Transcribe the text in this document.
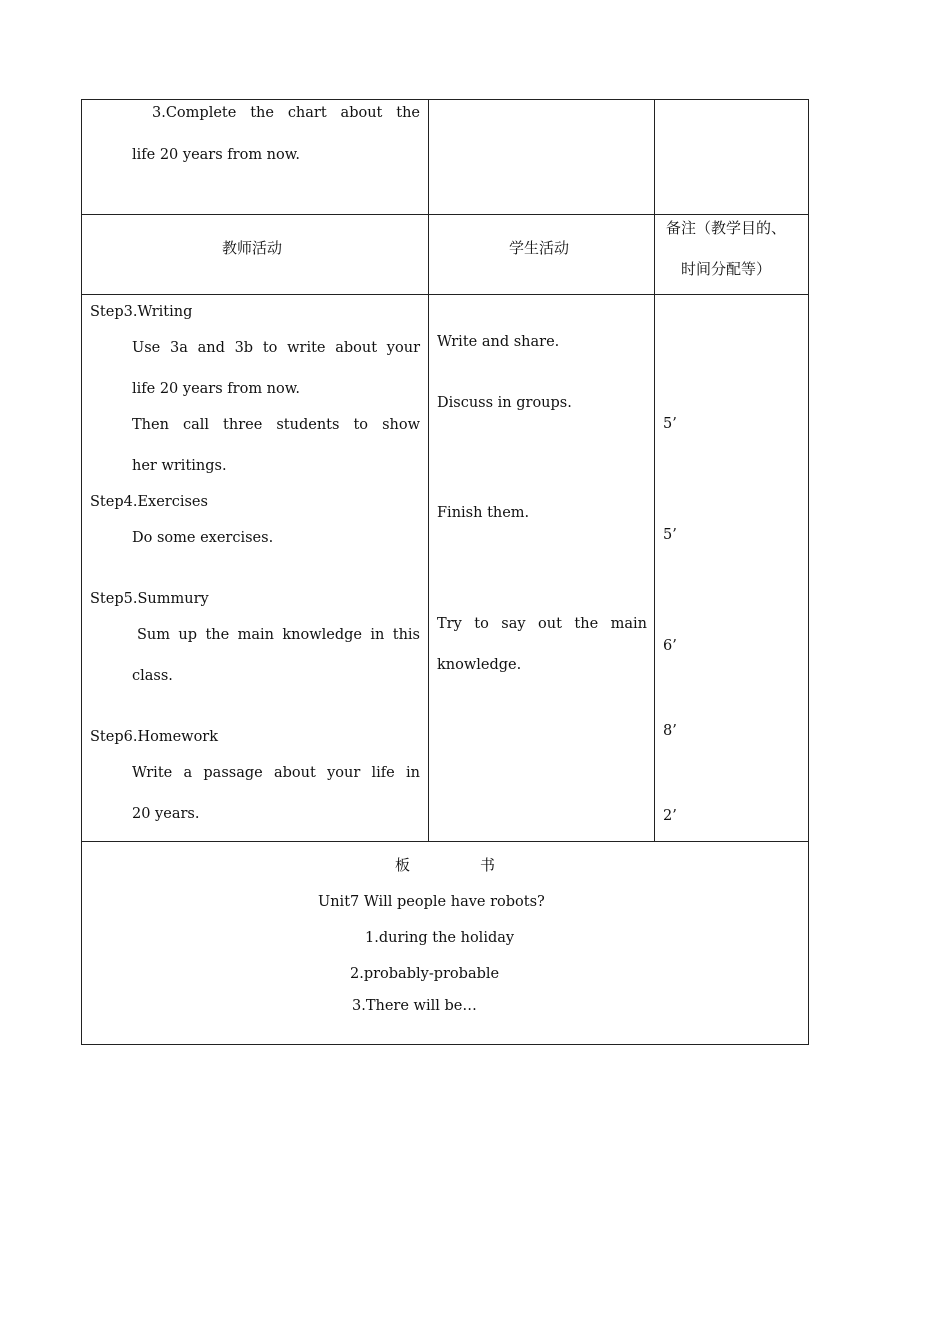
3.Complete the chart about the
life 20 years from now.
教师活动	学生活动
备注（教学目的、
时间分配等）
Step3.Writing
Use 3a and 3b to write about your
life 20 years from now.
Then call three students to show
her writings.
Step4.Exercises
Do some exercises.
Step5.Summury
Sum up the main knowledge in this
class.
Step6.Homework
Write a passage about your life in
20 years.
Write and share.
Discuss in groups.
Finish them.
Try to say out the main
knowledge.
5’
5’
6’
8’
2’
板	书
Unit7 Will people have robots?
1.during the holiday
2.probably-probable
3.There will be…
